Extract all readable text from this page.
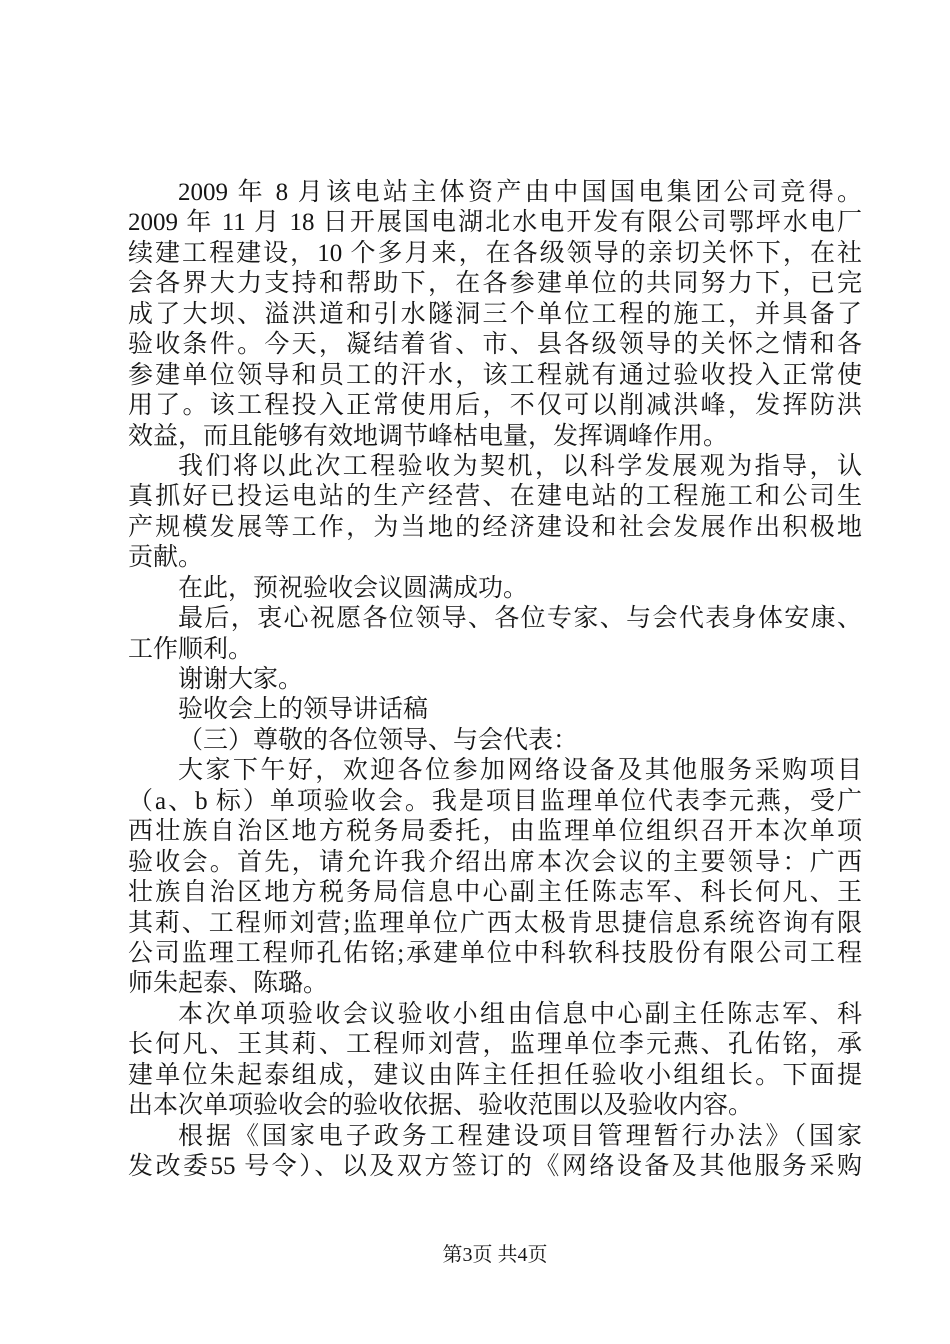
2009 年 8 月该电站主体资产由中国国电集团公司竞得。
2009 年 11 月 18 日开展国电湖北水电开发有限公司鄂坪水电厂
续建工程建设，10 个多月来，在各级领导的亲切关怀下，在社
会各界大力支持和帮助下，在各参建单位的共同努力下，已完
成了大坝、溢洪道和引水隧洞三个单位工程的施工，并具备了
验收条件。今天，凝结着省、市、县各级领导的关怀之情和各
参建单位领导和员工的汗水，该工程就有通过验收投入正常使
用了。该工程投入正常使用后，不仅可以削减洪峰，发挥防洪
效益，而且能够有效地调节峰枯电量，发挥调峰作用。
我们将以此次工程验收为契机，以科学发展观为指导，认
真抓好已投运电站的生产经营、在建电站的工程施工和公司生
产规模发展等工作，为当地的经济建设和社会发展作出积极地
贡献。
在此，预祝验收会议圆满成功。
最后，衷心祝愿各位领导、各位专家、与会代表身体安康、
工作顺利。
谢谢大家。
验收会上的领导讲话稿
（三）尊敬的各位领导、与会代表：
大家下午好，欢迎各位参加网络设备及其他服务采购项目
（a、b 标）单项验收会。我是项目监理单位代表李元燕，受广
西壮族自治区地方税务局委托，由监理单位组织召开本次单项
验收会。首先，请允许我介绍出席本次会议的主要领导：广西
壮族自治区地方税务局信息中心副主任陈志军、科长何凡、王
其莉、工程师刘营;监理单位广西太极肯思捷信息系统咨询有限
公司监理工程师孔佑铭;承建单位中科软科技股份有限公司工程
师朱起泰、陈璐。
本次单项验收会议验收小组由信息中心副主任陈志军、科
长何凡、王其莉、工程师刘营，监理单位李元燕、孔佑铭，承
建单位朱起泰组成，建议由阵主任担任验收小组组长。下面提
出本次单项验收会的验收依据、验收范围以及验收内容。
根据《国家电子政务工程建设项目管理暂行办法》（国家
发改委55 号令）、以及双方签订的《网络设备及其他服务采购
第3页 共4页
